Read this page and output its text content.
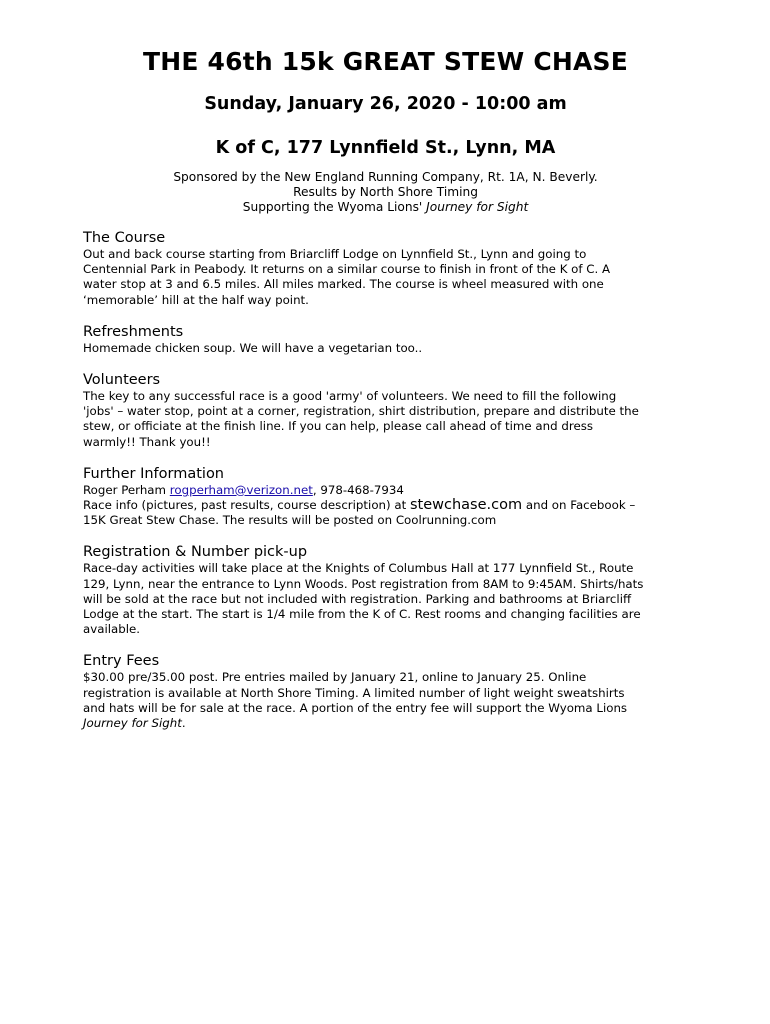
THE 46th 15k GREAT STEW CHASE
Sunday, January 26, 2020 - 10:00 am
K of C, 177 Lynnfield St., Lynn, MA
Sponsored by the New England Running Company, Rt. 1A, N. Beverly.
Results by North Shore Timing
Supporting the Wyoma Lions' Journey for Sight
The Course
Out and back course starting from Briarcliff Lodge on Lynnfield St., Lynn and going to
Centennial Park in Peabody. It returns on a similar course to finish in front of the K of C. A
water stop at 3 and 6.5 miles. All miles marked. The course is wheel measured with one
‘memorable’ hill at the half way point.
Refreshments
Homemade chicken soup. We will have a vegetarian too..
Volunteers
The key to any successful race is a good 'army' of volunteers. We need to fill the following
'jobs' – water stop, point at a corner, registration, shirt distribution, prepare and distribute the
stew, or officiate at the finish line. If you can help, please call ahead of time and dress
warmly!! Thank you!!
Further Information
Roger Perham rogperham@verizon.net, 978-468-7934
Race info (pictures, past results, course description) at stewchase.com and on Facebook –
15K Great Stew Chase. The results will be posted on Coolrunning.com
Registration & Number pick-up
Race-day activities will take place at the Knights of Columbus Hall at 177 Lynnfield St., Route
129, Lynn, near the entrance to Lynn Woods. Post registration from 8AM to 9:45AM. Shirts/hats
will be sold at the race but not included with registration. Parking and bathrooms at Briarcliff
Lodge at the start. The start is 1/4 mile from the K of C. Rest rooms and changing facilities are
available.
Entry Fees
$30.00 pre/35.00 post. Pre entries mailed by January 21, online to January 25. Online
registration is available at North Shore Timing. A limited number of light weight sweatshirts
and hats will be for sale at the race. A portion of the entry fee will support the Wyoma Lions
Journey for Sight.
